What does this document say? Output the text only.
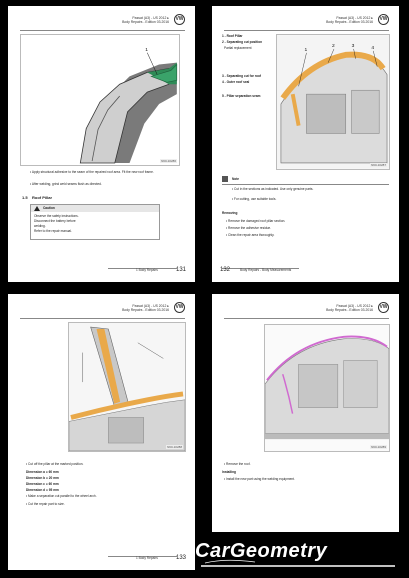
Passat (A3) - US 2012 ▸
Body Repairs - Edition 03.2016
VW
1
N60-10286
• Apply structural adhesive to the seam of the repaired roof area. Fit the new roof frame.
• After welding, grind weld seams flush as directed.
1.5 Roof Pillar
Caution
Observe the safety instructions.
Disconnect the battery before
welding.
Refer to the repair manual.
1 Body Repairs	131
Passat (A3) - US 2012 ▸
Body Repairs - Edition 03.2016
VW
1 - Roof Pillar
2 - Separating cut position
Partial replacement
3 - Separating cut for roof
4 - Outer roof seal
5 - Pillar separation seam
1
2	3	4
N60-10287
Note
• Cut in the sections as indicated. Use only genuine parts.
• For cutting, use suitable tools.
Removing
• Remove the damaged roof pillar section.
• Remove the adhesive residue.
• Clean the repair area thoroughly.
132	Body Repairs - Body Measurements
Passat (A3) - US 2012 ▸
Body Repairs - Edition 03.2016
VW
N60-10288
• Cut off the pillar at the marked position.
Dimension a = 60 mm
Dimension b = 20 mm
Dimension c = 60 mm
Dimension d = 95 mm
• Make a separation cut parallel to the wheel arch.
• Cut the repair part to size.
1 Body Repairs	133
Passat (A3) - US 2012 ▸
Body Repairs - Edition 03.2016
VW
N60-10289
• Remove the roof.
Installing
• Install the new part using the welding equipment.
CarGeometry
